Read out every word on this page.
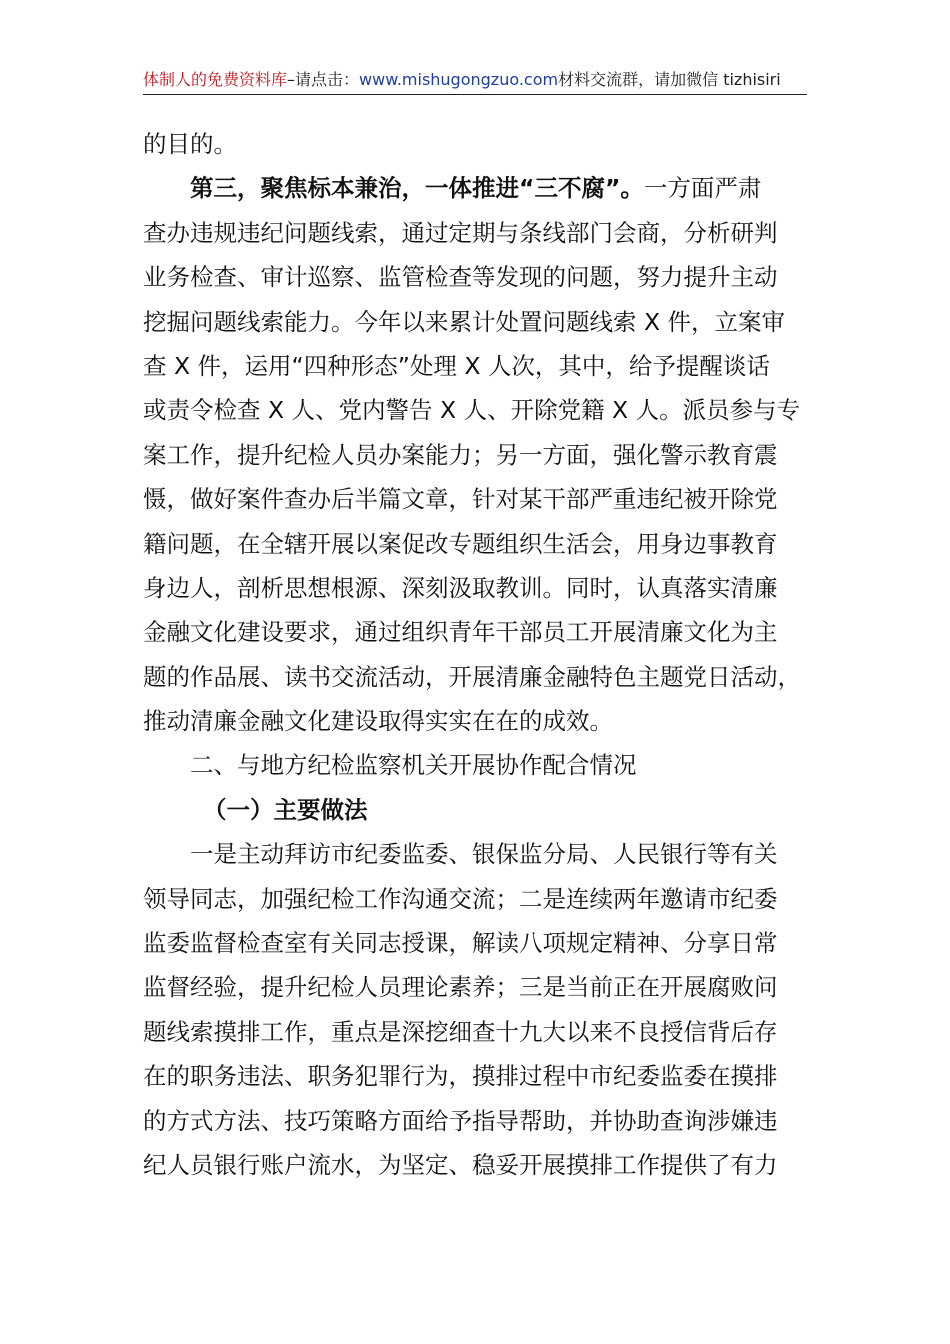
体制人的免费资料库–请点击：www.mishugongzuo.com材料交流群，请加微信 tizhisiri
的目的。
第三，聚焦标本兼治，一体推进“三不腐”。一方面严肃
查办违规违纪问题线索，通过定期与条线部门会商，分析研判
业务检查、审计巡察、监管检查等发现的问题，努力提升主动
挖掘问题线索能力。今年以来累计处置问题线索 X 件，立案审
查 X 件，运用“四种形态”处理 X 人次，其中，给予提醒谈话
或责令检查 X 人、党内警告 X 人、开除党籍 X 人。派员参与专
案工作，提升纪检人员办案能力；另一方面，强化警示教育震
慑，做好案件查办后半篇文章，针对某干部严重违纪被开除党
籍问题，在全辖开展以案促改专题组织生活会，用身边事教育
身边人，剖析思想根源、深刻汲取教训。同时，认真落实清廉
金融文化建设要求，通过组织青年干部员工开展清廉文化为主
题的作品展、读书交流活动，开展清廉金融特色主题党日活动，
推动清廉金融文化建设取得实实在在的成效。
二、与地方纪检监察机关开展协作配合情况
（一）主要做法
一是主动拜访市纪委监委、银保监分局、人民银行等有关
领导同志，加强纪检工作沟通交流；二是连续两年邀请市纪委
监委监督检查室有关同志授课，解读八项规定精神、分享日常
监督经验，提升纪检人员理论素养；三是当前正在开展腐败问
题线索摸排工作，重点是深挖细查十九大以来不良授信背后存
在的职务违法、职务犯罪行为，摸排过程中市纪委监委在摸排
的方式方法、技巧策略方面给予指导帮助，并协助查询涉嫌违
纪人员银行账户流水，为坚定、稳妥开展摸排工作提供了有力
